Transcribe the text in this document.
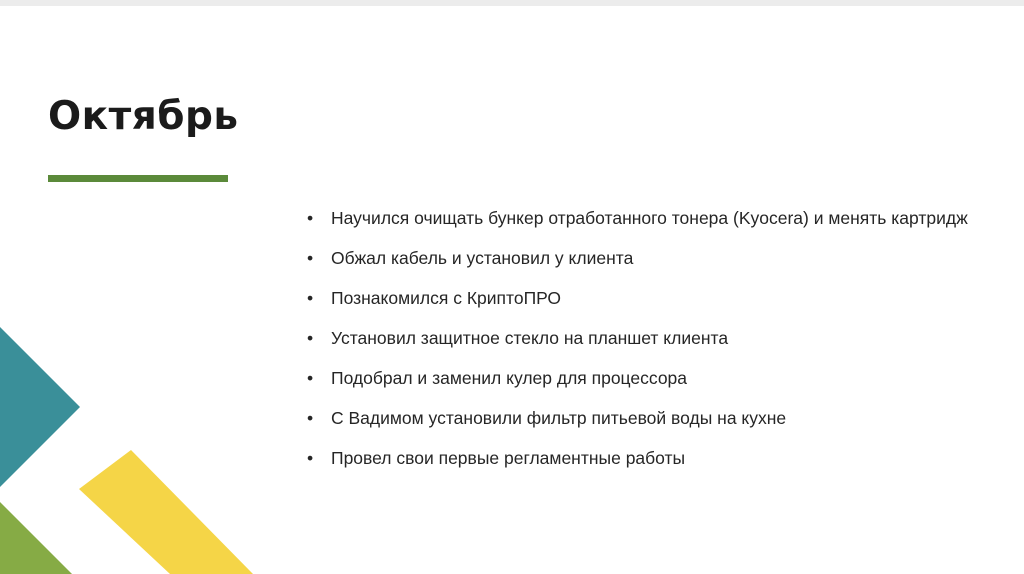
Октябрь
• Научился очищать бункер отработанного тонера (Kyocera) и менять картридж
• Обжал кабель и установил у клиента
• Познакомился с КриптоПРО
• Установил защитное стекло на планшет клиента
• Подобрал и заменил кулер для процессора
• С Вадимом установили фильтр питьевой воды на кухне
• Провел свои первые регламентные работы
